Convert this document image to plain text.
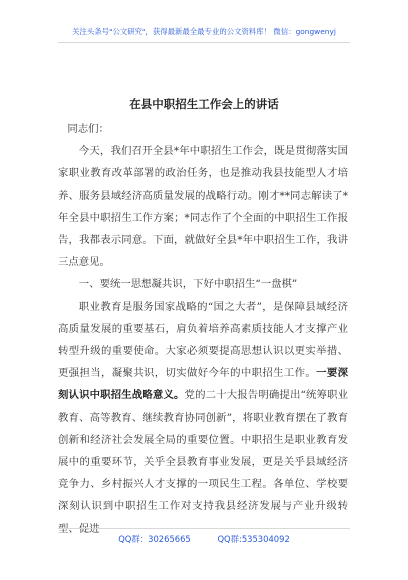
关注头条号"公文研究"，获得最新最全最专业的公文资料库！ 微信：gongwenyj
在县中职招生工作会上的讲话

同志们：

今天，我们召开全县*年中职招生工作会，既是贯彻落实国家职业教育改革部署的政治任务，也是推动我县技能型人才培养、服务县域经济高质量发展的战略行动。刚才**同志解读了*年全县中职招生工作方案；*同志作了个全面的中职招生工作报告，我都表示同意。下面，就做好全县*年中职招生工作，我讲三点意见。

一、要统一思想凝共识，下好中职招生“一盘棋”

职业教育是服务国家战略的“国之大者”，是保障县域经济高质量发展的重要基石，肩负着培养高素质技能人才支撑产业转型升级的重要使命。大家必须要提高思想认识以更实举措、更强担当，凝聚共识，切实做好今年的中职招生工作。一要深刻认识中职招生战略意义。党的二十大报告明确提出“统筹职业教育、高等教育、继续教育协同创新”，将职业教育摆在了教育创新和经济社会发展全局的重要位置。中职招生是职业教育发展中的重要环节，关乎全县教育事业发展，更是关乎县域经济竞争力、乡村振兴人才支撑的一项民生工程。各单位、学校要深刻认识到中职招生工作对支持我县经济发展与产业升级转型、促进

QQ群：30265665	QQ群:535304092
